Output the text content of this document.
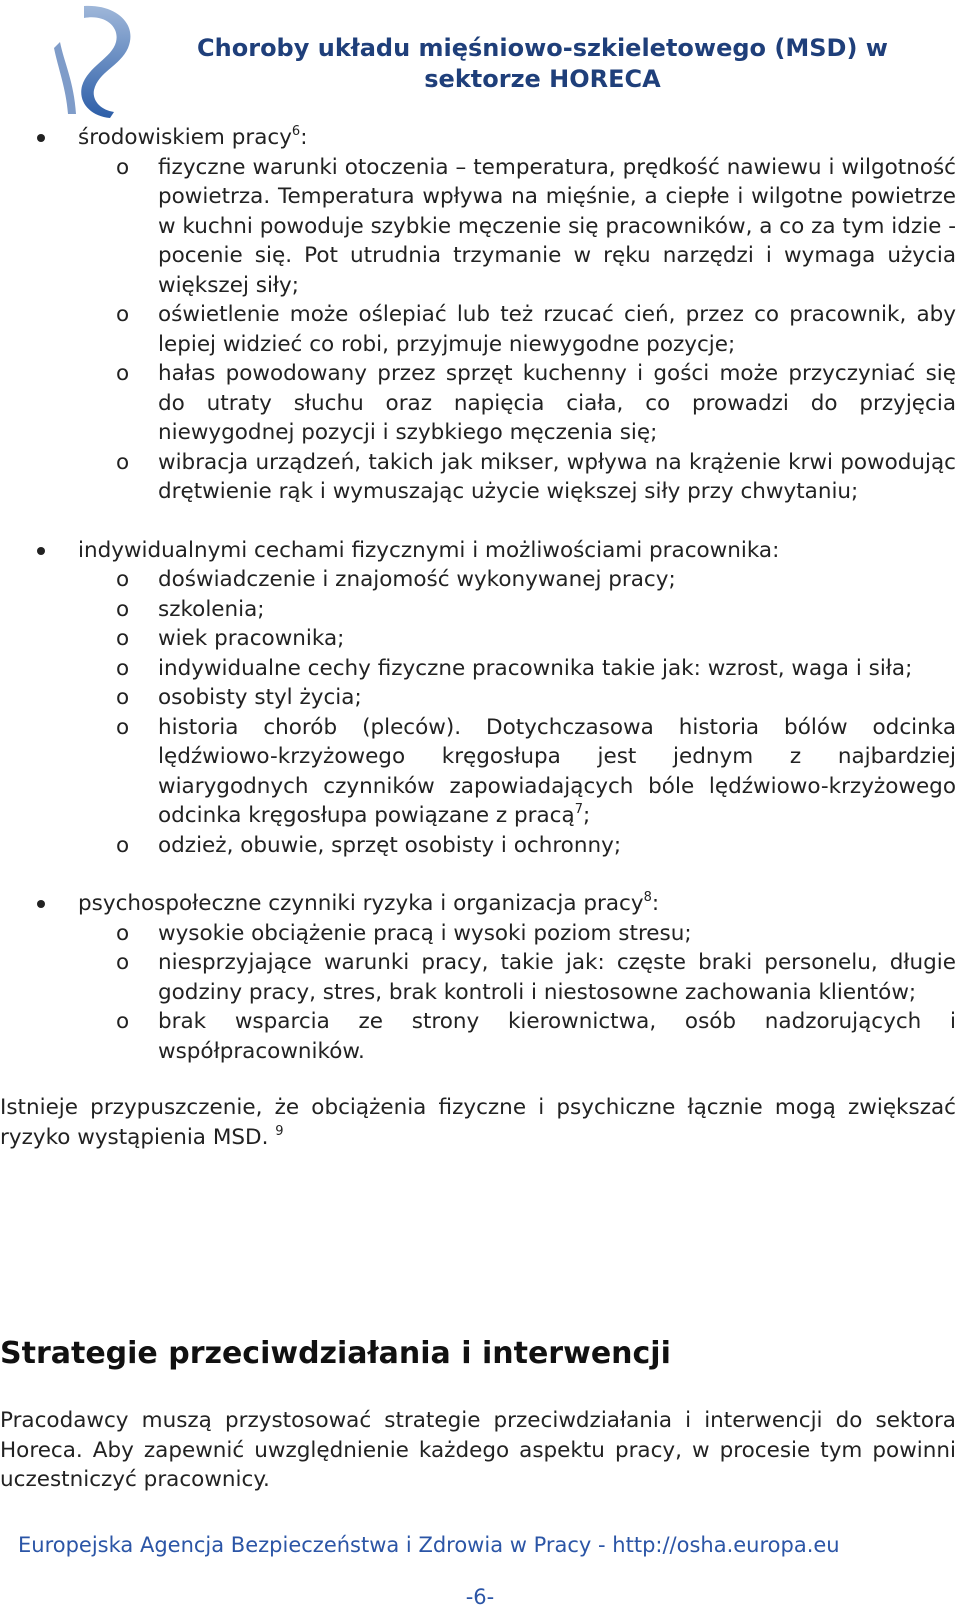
Choroby układu mięśniowo-szkieletowego (MSD) w
sektorze HORECA
środowiskiem pracy$^6$:
o fizyczne warunki otoczenia – temperatura, prędkość nawiewu i wilgotność powietrza. Temperatura wpływa na mięśnie, a ciepłe i wilgotne powietrze w kuchni powoduje szybkie męczenie się pracowników, a co za tym idzie - pocenie się. Pot utrudnia trzymanie w ręku narzędzi i wymaga użycia większej siły;
o oświetlenie może oślepiać lub też rzucać cień, przez co pracownik, aby lepiej widzieć co robi, przyjmuje niewygodne pozycje;
o hałas powodowany przez sprzęt kuchenny i gości może przyczyniać się do utraty słuchu oraz napięcia ciała, co prowadzi do przyjęcia niewygodnej pozycji i szybkiego męczenia się;
o wibracja urządzeń, takich jak mikser, wpływa na krążenie krwi powodując drętwienie rąk i wymuszając użycie większej siły przy chwytaniu;
indywidualnymi cechami fizycznymi i możliwościami pracownika:
o doświadczenie i znajomość wykonywanej pracy;
o szkolenia;
o wiek pracownika;
o indywidualne cechy fizyczne pracownika takie jak: wzrost, waga i siła;
o osobisty styl życia;
o historia chorób (pleców). Dotychczasowa historia bólów odcinka lędźwiowo-krzyżowego kręgosłupa jest jednym z najbardziej wiarygodnych czynników zapowiadających bóle lędźwiowo-krzyżowego odcinka kręgosłupa powiązane z pracą$^7$;
o odzież, obuwie, sprzęt osobisty i ochronny;
psychospołeczne czynniki ryzyka i organizacja pracy$^8$:
o wysokie obciążenie pracą i wysoki poziom stresu;
o niesprzyjające warunki pracy, takie jak: częste braki personelu, długie godziny pracy, stres, brak kontroli i niestosowne zachowania klientów;
o brak wsparcia ze strony kierownictwa, osób nadzorujących i współpracowników.

Istnieje przypuszczenie, że obciążenia fizyczne i psychiczne łącznie mogą zwiększać ryzyko wystąpienia MSD. $^9$

Strategie przeciwdziałania i interwencji

Pracodawcy muszą przystosować strategie przeciwdziałania i interwencji do sektora Horeca. Aby zapewnić uwzględnienie każdego aspektu pracy, w procesie tym powinni uczestniczyć pracownicy.

Europejska Agencja Bezpieczeństwa i Zdrowia w Pracy - http://osha.europa.eu
-6-
